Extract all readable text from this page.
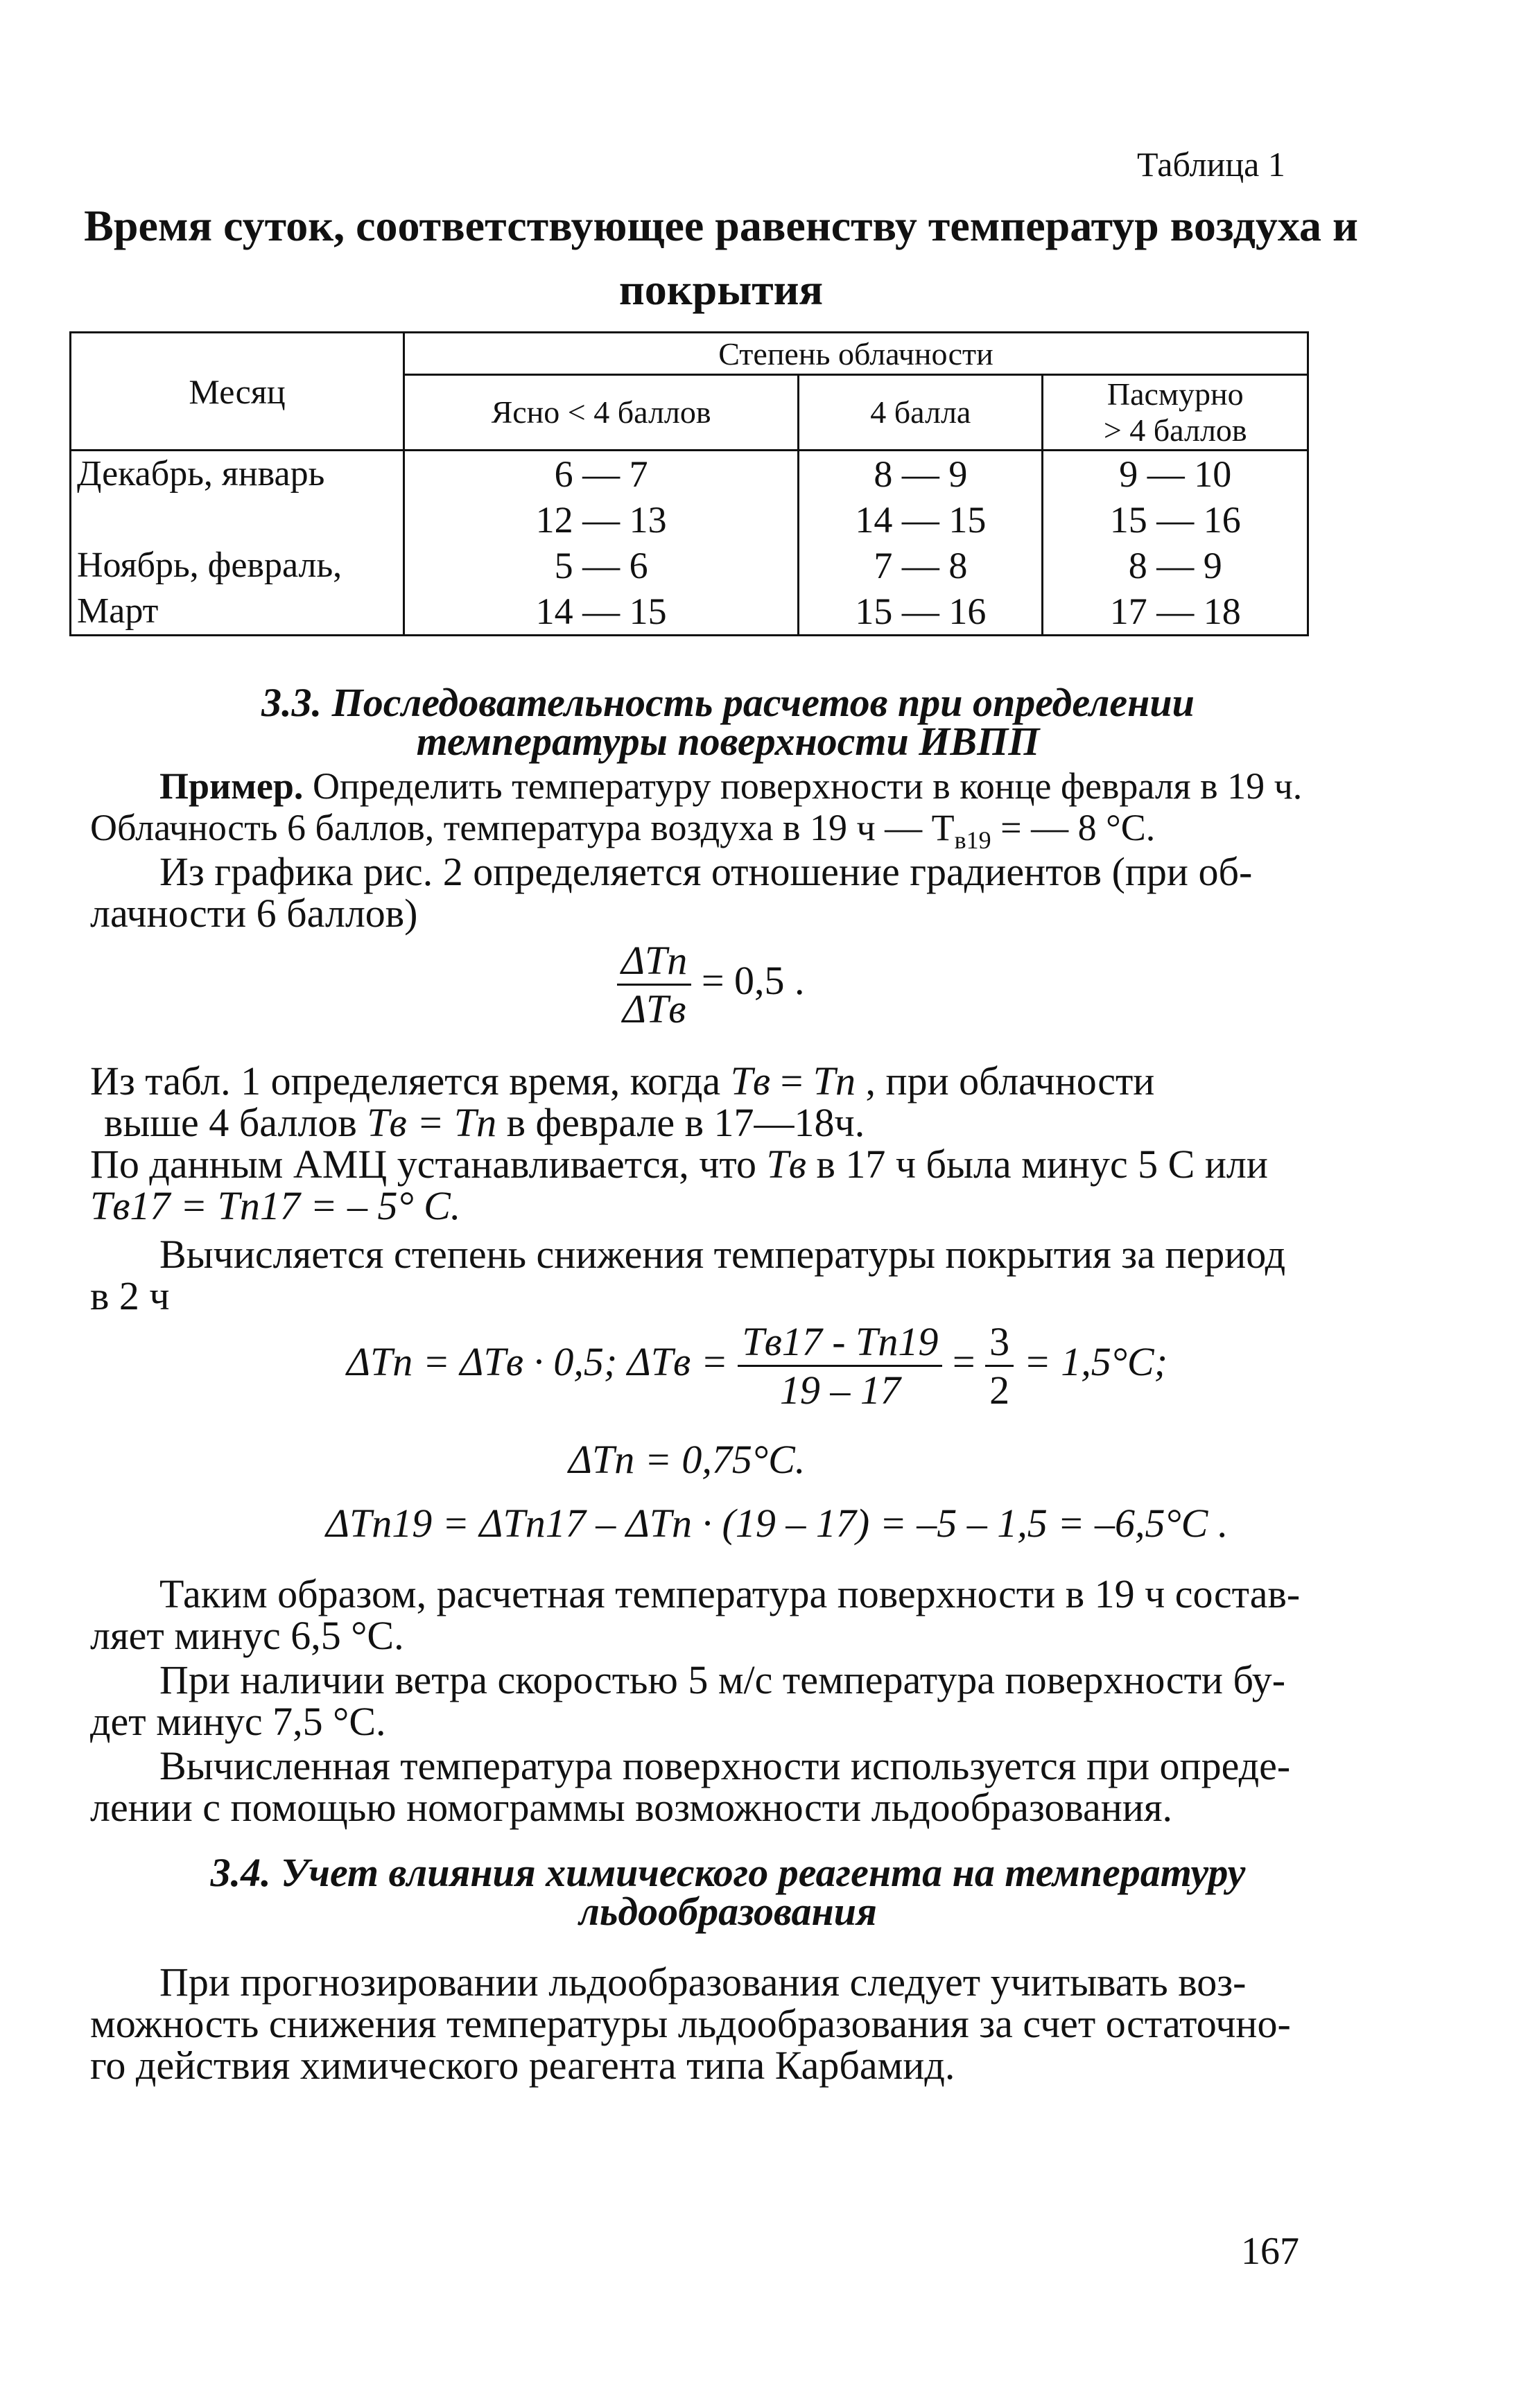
Таблица 1
Время суток, соответствующее равенству температур воздуха и
покрытия
Месяц	Степень облачности		
	Ясно < 4 баллов	4 балла	Пасмурно
> 4 баллов
Декабрь, январь	6 — 7	8 — 9	9 — 10
	12 — 13	14 — 15	15 — 16
Ноябрь, февраль,	5 — 6	7 — 8	8 — 9
Март	14 — 15	15 — 16	17 — 18
3.3. Последовательность расчетов при определении
температуры поверхности ИВПП
Пример. Определить температуру поверхности в конце февраля в 19 ч.
Облачность 6 баллов, температура воздуха в 19 ч — $T_{в19}$ = — 8 °C.
Из графика рис. 2 определяется отношение градиентов (при об-
лачности 6 баллов)
$\frac{\text{ΔTп}}{\text{ΔTв}} = 0,5$ .
Из табл. 1 определяется время, когда Tв = Tп , при облачности
выше 4 баллов Tв = Tп в феврале в 17—18ч.
По данным АМЦ устанавливается, что Tв в 17 ч была минус 5 С или
Tв17 = Tп17 = – 5° C.
Вычисляется степень снижения температуры покрытия за период
в 2 ч
ΔTп = ΔTв · 0,5; $\Delta Tв = \frac{Tв17 - Tп19}{19 - 17} = \frac{3}{2} = 1,5^\circ C$;
ΔTп = 0,75°C.
ΔTп19 = ΔTп17 – ΔTп · (19 – 17) = –5 – 1,5 = –6,5°C .
Таким образом, расчетная температура поверхности в 19 ч состав-
ляет минус 6,5 °C.
При наличии ветра скоростью 5 м/с температура поверхности бу-
дет минус 7,5 °C.
Вычисленная температура поверхности используется при опреде-
лении с помощью номограммы возможности льдообразования.
3.4. Учет влияния химического реагента на температуру
льдообразования
При прогнозировании льдообразования следует учитывать воз-
можность снижения температуры льдообразования за счет остаточно-
го действия химического реагента типа Карбамид.
167
